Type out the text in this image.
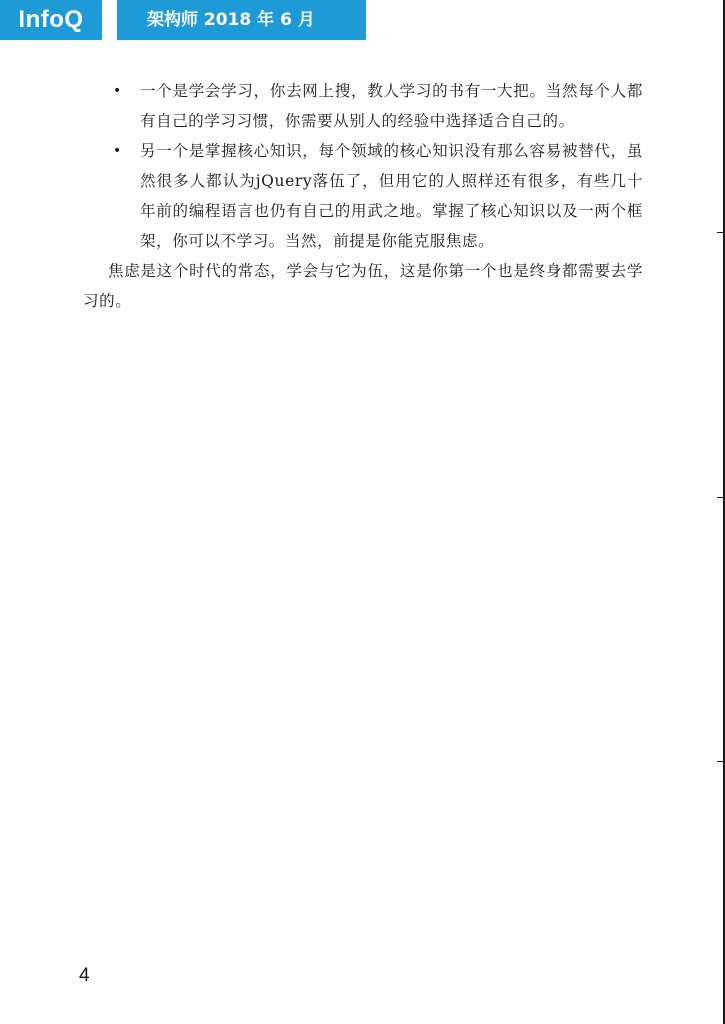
InfoQ	架构师 2018 年 6 月
• 一个是学会学习，你去网上搜，教人学习的书有一大把。当然每个人都有自己的学习习惯，你需要从别人的经验中选择适合自己的。
• 另一个是掌握核心知识，每个领域的核心知识没有那么容易被替代，虽然很多人都认为jQuery落伍了，但用它的人照样还有很多，有些几十年前的编程语言也仍有自己的用武之地。掌握了核心知识以及一两个框架，你可以不学习。当然，前提是你能克服焦虑。

焦虑是这个时代的常态，学会与它为伍，这是你第一个也是终身都需要去学习的。

4
